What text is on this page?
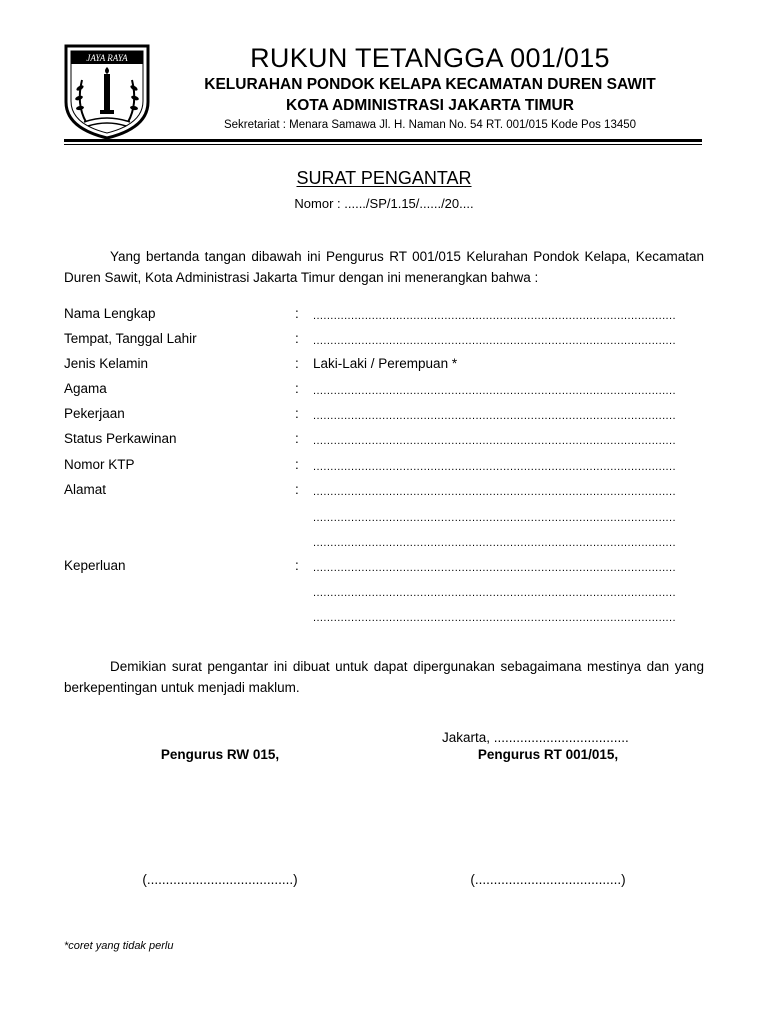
JAYA RAYA	RUKUN TETANGGA 001/015
KELURAHAN PONDOK KELAPA KECAMATAN DUREN SAWIT
KOTA ADMINISTRASI JAKARTA TIMUR
Sekretariat : Menara Samawa Jl. H. Naman No. 54 RT. 001/015 Kode Pos 13450
SURAT PENGANTAR
Nomor : ....../SP/1.15/....../20....
Yang bertanda tangan dibawah ini Pengurus RT 001/015 Kelurahan Pondok Kelapa, Kecamatan Duren Sawit, Kota Administrasi Jakarta Timur dengan ini menerangkan bahwa :
Nama Lengkap	: .........................................................................................................
Tempat, Tanggal Lahir	: .........................................................................................................
Jenis Kelamin	: Laki-Laki / Perempuan *
Agama	: .........................................................................................................
Pekerjaan	: .........................................................................................................
Status Perkawinan	: .........................................................................................................
Nomor KTP	: .........................................................................................................
Alamat	: .........................................................................................................
.........................................................................................................
.........................................................................................................
Keperluan	: .........................................................................................................
.........................................................................................................
.........................................................................................................
Demikian surat pengantar ini dibuat untuk dapat dipergunakan sebagaimana mestinya dan yang berkepentingan untuk menjadi maklum.
Jakarta, ....................................
Pengurus RW 015,	Pengurus RT 001/015,
(.......................................)	(.......................................)
*coret yang tidak perlu
